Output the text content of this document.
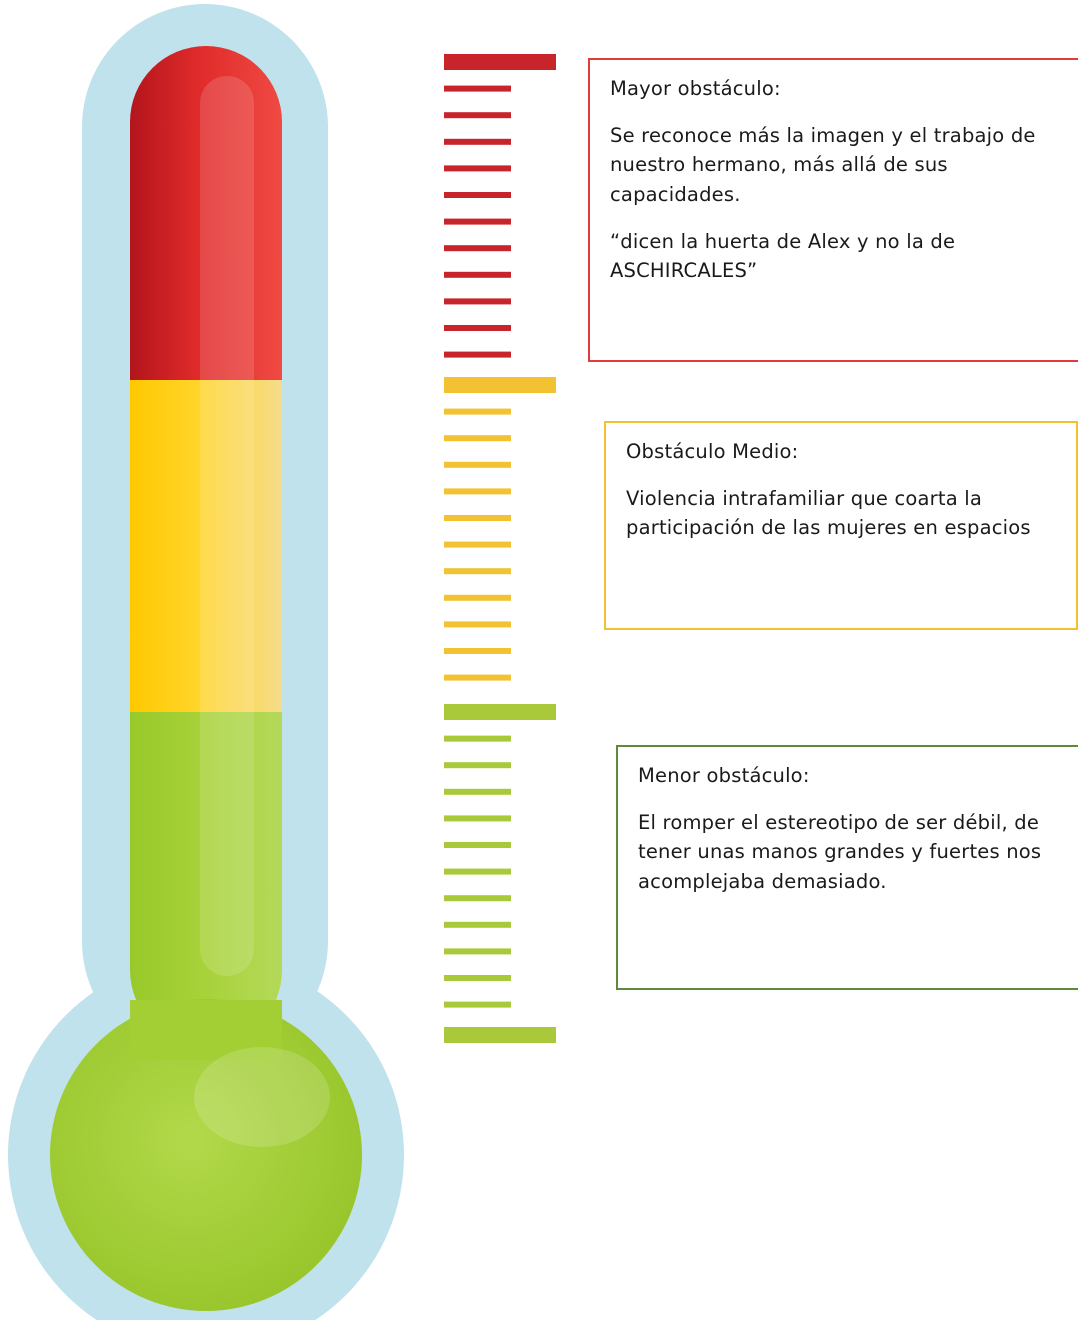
Mayor obstáculo:

Se reconoce más la imagen y el trabajo de nuestro hermano, más allá de sus capacidades.

“dicen la huerta de Alex y no la de ASCHIRCALES”

Obstáculo Medio:

Violencia intrafamiliar que coarta la participación de las mujeres en espacios

Menor obstáculo:

El romper el estereotipo de ser débil, de tener unas manos grandes y fuertes nos acomplejaba demasiado.
